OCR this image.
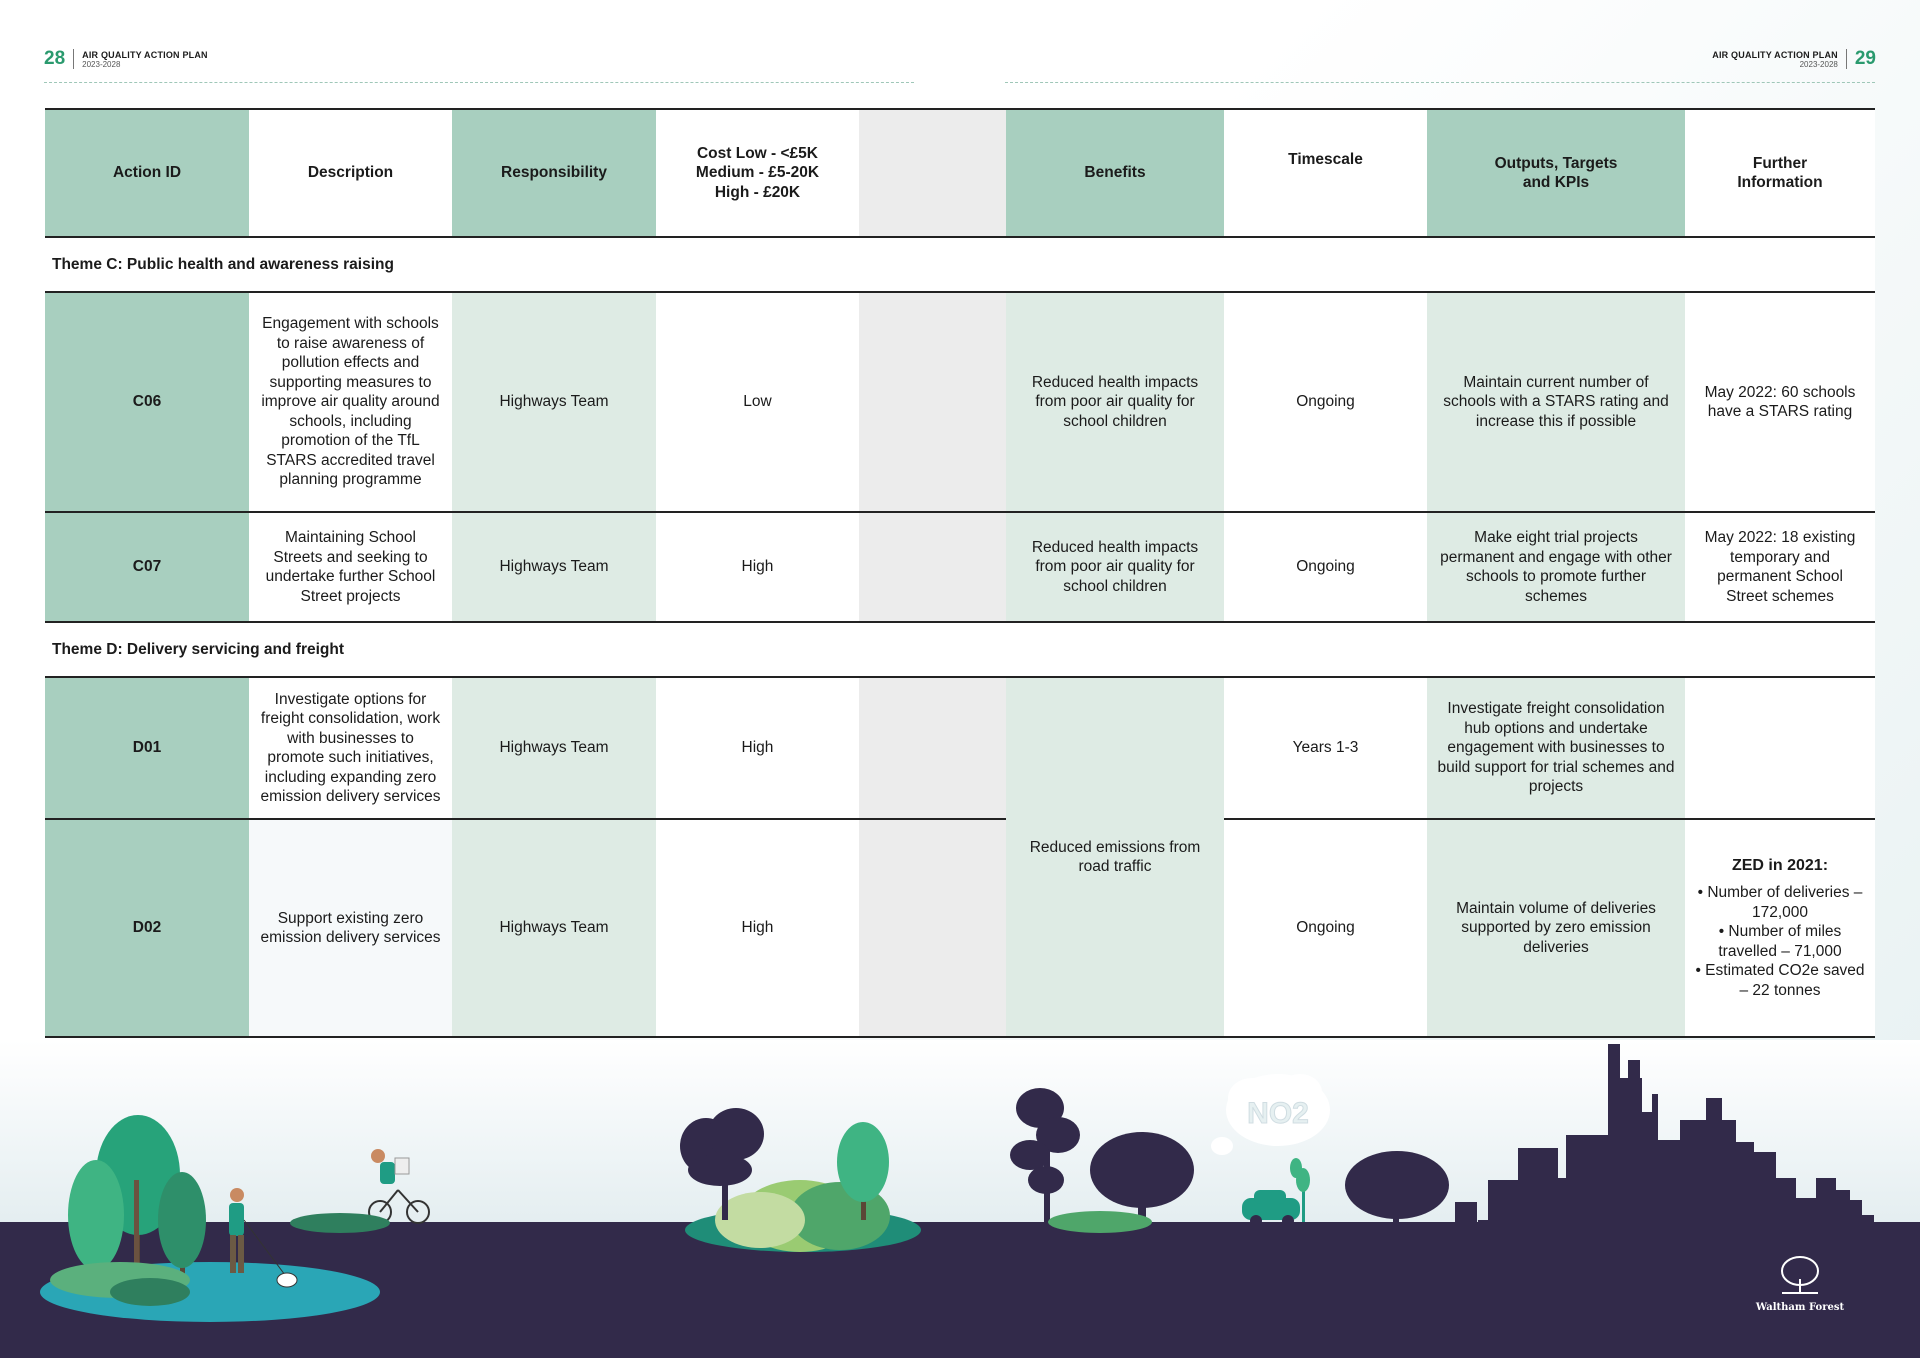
28 AIR QUALITY ACTION PLAN
2023-2028
AIR QUALITY ACTION PLAN
2023-2028 29
Action ID	Description	Responsibility	Cost Low - <£5K
Medium - £5-20K
High - £20K		Benefits	Timescale	Outputs, Targets
and KPIs	Further
Information

Theme C: Public health and awareness raising								
C06	Engagement with schools to raise awareness of pollution effects and supporting measures to improve air quality around schools, including promotion of the TfL STARS accredited travel planning programme	Highways Team	Low		Reduced health impacts from poor air quality for school children	Ongoing	Maintain current number of schools with a STARS rating and increase this if possible	May 2022: 60 schools have a STARS rating
C07	Maintaining School Streets and seeking to undertake further School Street projects	Highways Team	High		Reduced health impacts from poor air quality for school children	Ongoing	Make eight trial projects permanent and engage with other schools to promote further schemes	May 2022: 18 existing temporary and permanent School Street schemes
Theme D: Delivery servicing and freight								
D01	Investigate options for freight consolidation, work with businesses to promote such initiatives, including expanding zero emission delivery services	Highways Team	High		Reduced emissions from road traffic	Years 1-3	Investigate freight consolidation hub options and undertake engagement with businesses to build support for trial schemes and projects	
D02	Support existing zero emission delivery services	Highways Team	High			Ongoing	Maintain volume of deliveries supported by zero emission deliveries	ZED in 2021:
• Number of deliveries – 172,000
• Number of miles travelled – 71,000
• Estimated CO2e saved – 22 tonnes
NO2
Waltham Forest
